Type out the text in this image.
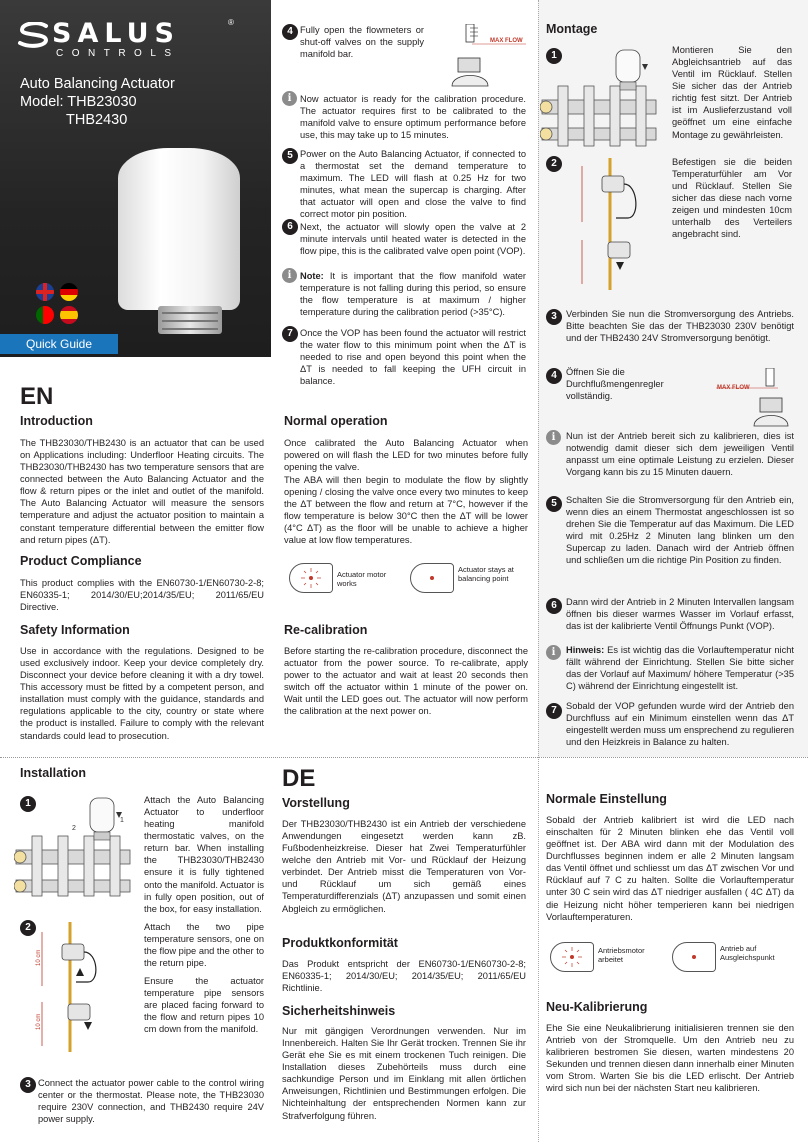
SALUS	®
CONTROLS
Auto Balancing Actuator
Model: THB23030
THB2430
Quick Guide
EN
Introduction
The THB23030/THB2430 is an actuator that can be used on Applications including: Underfloor Heating circuits. The THB23030/THB2430 has two temperature sensors that are connected between the Auto Balancing Actuator and the flow & return pipes or the inlet and outlet of the manifold. The Auto Balancing Actuator will measure the sensors temperature and adjust the actuator position to maintain a constant temperature differential between the emitter flow and return pipes (ΔT).
Product Compliance
This product complies with the EN60730-1/EN60730-2-8; EN60335-1; 2014/30/EU;2014/35/EU; 2011/65/EU Directive.
Safety Information
Use in accordance with the regulations. Designed to be used exclusively indoor. Keep your device completely dry. Disconnect your device before cleaning it with a dry towel. This accessory must be fitted by a competent person, and installation must comply with the guidance, standards and regulations applicable to the city, country or state where the product is installed. Failure to comply with the relevant standards could lead to prosecution.
Installation
1
2
1
Attach the Auto Balancing Actuator to underfloor heating manifold thermostatic valves, on the return bar. When installing the THB23030/THB2430 ensure it is fully tightened onto the manifold. Actuator is in fully open position, out of the box, for easy installation.
2
10 cm
10 cm
Attach the two pipe temperature sensors, one on the flow pipe and the other to the return pipe.
Ensure the actuator temperature pipe sensors are placed facing forward to the flow and return pipes 10 cm down from the manifold.
3 Connect the actuator power cable to the control wiring center or the thermostat. Please note, the THB23030 require 230V connection, and THB2430 require 24V power supply.
4 Fully open the flowmeters or shut-off valves on the supply manifold bar.
MAX FLOW
i Now actuator is ready for the calibration procedure. The actuator requires first to be calibrated to the manifold valve to ensure optimum performance before use, this may take up to 15 minutes.
5 Power on the Auto Balancing Actuator, if connected to a thermostat set the demand temperature to maximum. The LED will flash at 0.25 Hz for two minutes, what mean the supercap is charging. After that actuator will open and close the valve to find correct motor pin position.
6 Next, the actuator will slowly open the valve at 2 minute intervals until heated water is detected in the flow pipe, this is the calibrated valve open point (VOP).
i Note: It is important that the flow manifold water temperature is not falling during this period, so ensure the flow temperature is at maximum / higher temperature during the calibration period (>35°C).
7 Once the VOP has been found the actuator will restrict the water flow to this minimum point when the ΔT is needed to rise and open beyond this point when the ΔT is needed to fall keeping the UFH circuit in balance.
Normal operation
Once calibrated the Auto Balancing Actuator when powered on will flash the LED for two minutes before fully opening the valve.
The ABA will then begin to modulate the flow by slightly opening / closing the valve once every two minutes to keep the ΔT between the flow and return at 7°C, however if the flow temperature is below 30°C then the ΔT will be lower (4°C ΔT) as the floor will be unable to achieve a higher value at low flow temperatures.
Actuator motor works
Actuator stays at balancing point
Re-calibration
Before starting the re-calibration procedure, disconnect the actuator from the power source. To re-calibrate, apply power to the actuator and wait at least 20 seconds then switch off the actuator within 1 minute of the power on. Wait until the LED goes out. The actuator will now perform the calibration at the next power on.
DE
Vorstellung
Der THB23030/THB2430 ist ein Antrieb der verschiedene Anwendungen eingesetzt werden kann zB. Fußbodenheizkreise. Dieser hat Zwei Temperaturfühler welche den Antrieb mit Vor- und Rücklauf der Heizung verbindet. Der Antrieb misst die Temperaturen von Vor- und Rücklauf um sich gemäß eines Temperaturdifferenzials (ΔT) anzupassen und somit einen Abgleich zu ermöglichen.
Produktkonformität
Das Produkt entspricht der EN60730-1/EN60730-2-8; EN60335-1; 2014/30/EU; 2014/35/EU; 2011/65/EU Richtlinie.
Sicherheitshinweis
Nur mit gängigen Verordnungen verwenden. Nur im Innenbereich. Halten Sie Ihr Gerät trocken. Trennen Sie ihr Gerät ehe Sie es mit einem trockenen Tuch reinigen. Die Installation dieses Zubehörteils muss durch eine sachkundige Person und im Einklang mit allen örtlichen Anweisungen, Richtlinien und Bestimmungen erfolgen. Die Nichteinhaltung der entsprechenden Normen kann zur Strafverfolgung führen.
Montage
1	Montieren Sie den Abgleichsantrieb auf das Ventil im Rücklauf. Stellen Sie sicher das der Antrieb richtig fest sitzt. Der Antrieb ist im Auslieferzustand voll geöffnet um eine einfache Montage zu gewährleisten.
2	Befestigen sie die beiden Temperaturfühler am Vor und Rücklauf. Stellen Sie sicher das diese nach vorne zeigen und mindesten 10cm unterhalb des Verteilers angebracht sind.
3 Verbinden Sie nun die Stromversorgung des Antriebs. Bitte beachten Sie das der THB23030 230V benötigt und der THB2430 24V Stromversorgung benötigt.
4 Öffnen Sie die Durchflußmengenregler vollständig.
MAX FLOW
i	Nun ist der Antrieb bereit sich zu kalibrieren, dies ist notwendig damit dieser sich dem jeweiligen Ventil anpasst um eine optimale Leistung zu erzielen. Dieser Vorgang kann bis zu 15 Minuten dauern.
5 Schalten Sie die Stromversorgung für den Antrieb ein, wenn dies an einem Thermostat angeschlossen ist so drehen Sie die Temperatur auf das Maximum. Die LED wird mit 0.25Hz 2 Minuten lang blinken um den Supercap zu laden. Danach wird der Antrieb öffnen und schließen um die richtige Pin Position zu finden.
6 Dann wird der Antrieb in 2 Minuten Intervallen langsam öffnen bis dieser warmes Wasser im Vorlauf erfasst, das ist der kalibrierte Ventil Öffnungs Punkt (VOP).
i	Hinweis: Es ist wichtig das die Vorlauftemperatur nicht fällt während der Einrichtung. Stellen Sie bitte sicher das der Vorlauf auf Maximum/ höhere Temperatur (>35 C) während der Einrichtung eingestellt ist.
7 Sobald der VOP gefunden wurde wird der Antrieb den Durchfluss auf ein Minimum einstellen wenn das ΔT eingestellt werden muss um ensprechend zu regulieren und den Heizkreis in Balance zu halten.
Normale Einstellung
Sobald der Antrieb kalibriert ist wird die LED nach einschalten für 2 Minuten blinken ehe das Ventil voll geöffnet ist. Der ABA wird dann mit der Modulation des Durchflusses beginnen indem er alle 2 Minuten langsam das Ventil öffnet und schliesst um das ΔT zwischen Vor und Rücklauf auf 7 C zu halten. Sollte die Vorlauftemperatur unter 30 C sein wird das ΔT niedriger ausfallen ( 4C ΔT) da die Heizung nicht höher temperieren kann bei niedrigen Vorlauftemperaturen.
Antriebsmotor arbeitet
Antrieb auf Ausgleichspunkt
Neu-Kalibrierung
Ehe Sie eine Neukalibrierung initialisieren trennen sie den Antrieb von der Stromquelle. Um den Antrieb neu zu kalibrieren bestromen Sie diesen, warten mindestens 20 Sekunden und trennen diesen dann innerhalb einer Minuten vom Strom. Warten Sie bis die LED erlischt. Der Antrieb wird sich nun bei der nächsten Start neu kalibrieren.
